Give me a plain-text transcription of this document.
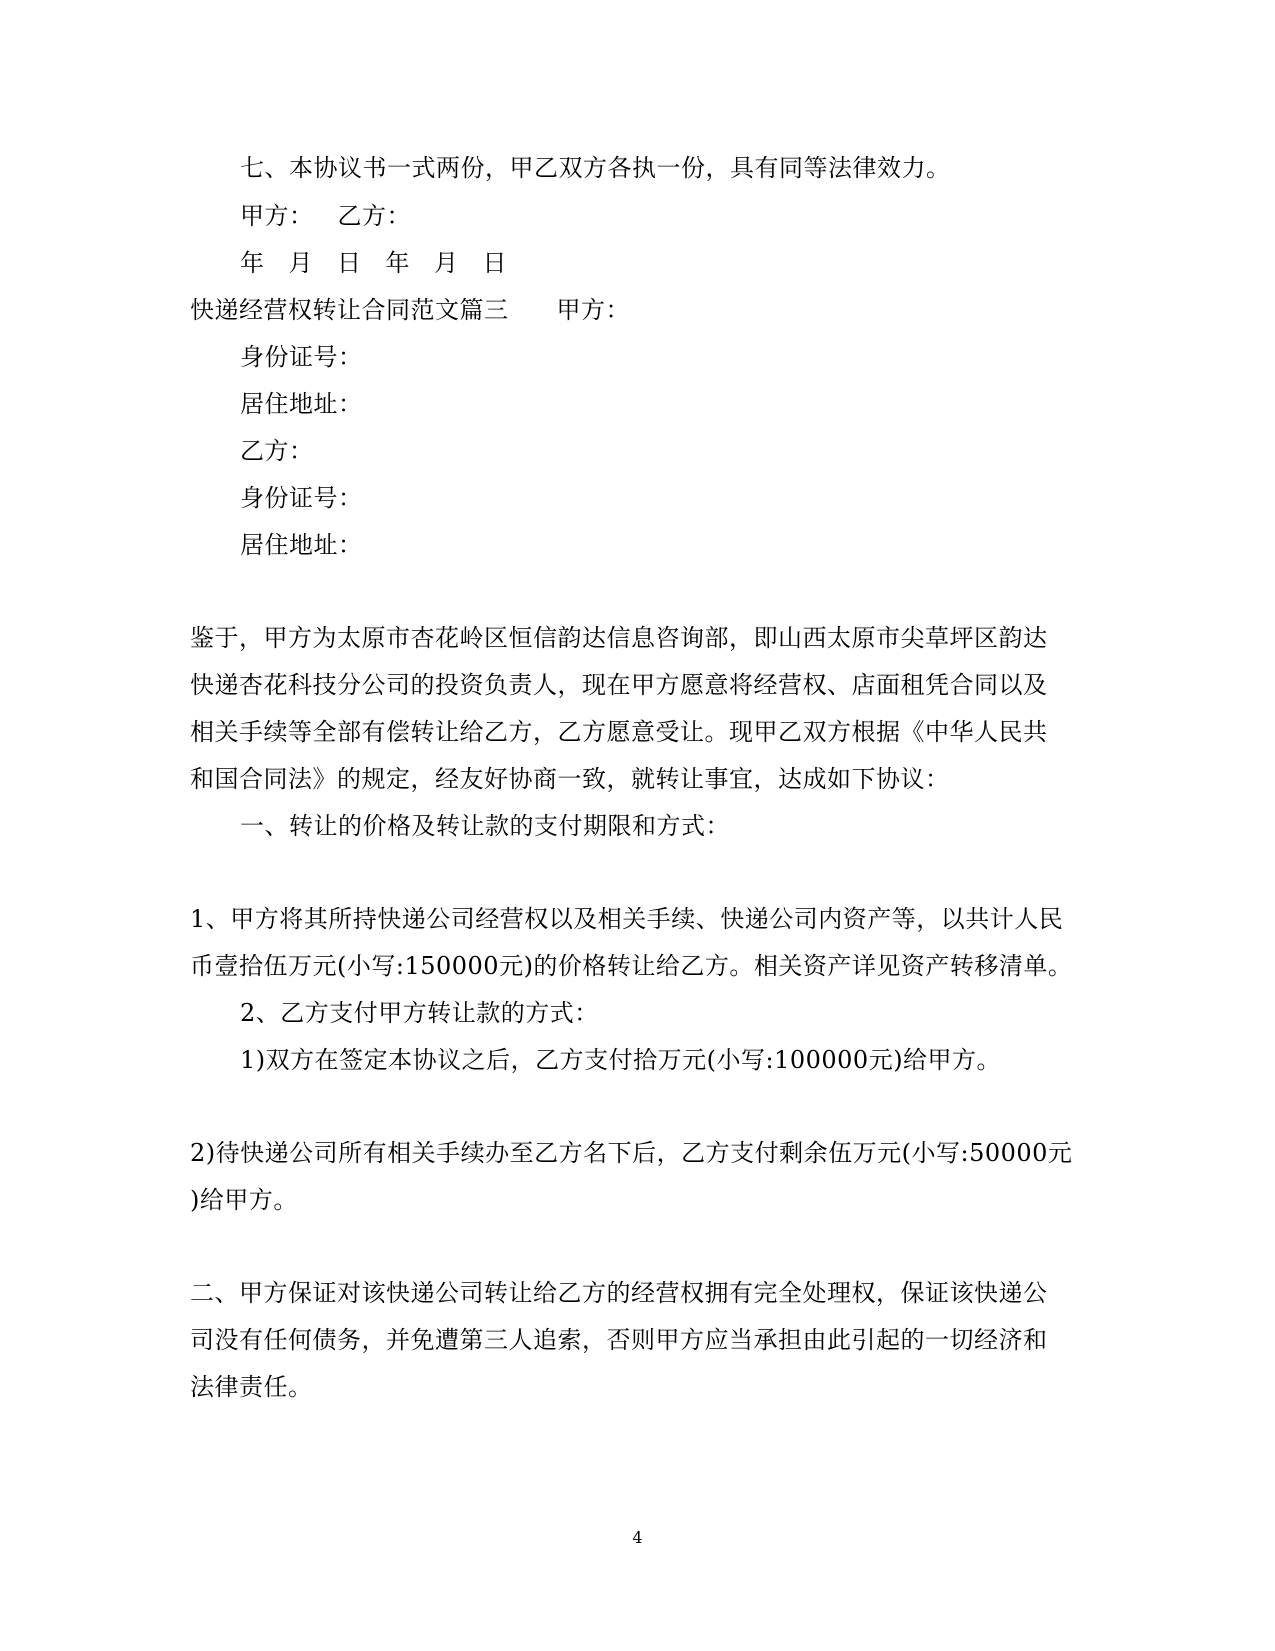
七、本协议书一式两份，甲乙双方各执一份，具有同等法律效力。
甲方： 乙方：
年 月 日 年 月 日
快递经营权转让合同范文篇三 甲方：
身份证号：
居住地址：
乙方：
身份证号：
居住地址：
鉴于，甲方为太原市杏花岭区恒信韵达信息咨询部，即山西太原市尖草坪区韵达
快递杏花科技分公司的投资负责人，现在甲方愿意将经营权、店面租凭合同以及
相关手续等全部有偿转让给乙方，乙方愿意受让。现甲乙双方根据《中华人民共
和国合同法》的规定，经友好协商一致，就转让事宜，达成如下协议：
一、转让的价格及转让款的支付期限和方式：
1、甲方将其所持快递公司经营权以及相关手续、快递公司内资产等，以共计人民
币壹拾伍万元(小写:150000元)的价格转让给乙方。相关资产详见资产转移清单。
2、乙方支付甲方转让款的方式：
1)双方在签定本协议之后，乙方支付拾万元(小写:100000元)给甲方。
2)待快递公司所有相关手续办至乙方名下后，乙方支付剩余伍万元(小写:50000元
)给甲方。
二、甲方保证对该快递公司转让给乙方的经营权拥有完全处理权，保证该快递公
司没有任何债务，并免遭第三人追索，否则甲方应当承担由此引起的一切经济和
法律责任。
4
